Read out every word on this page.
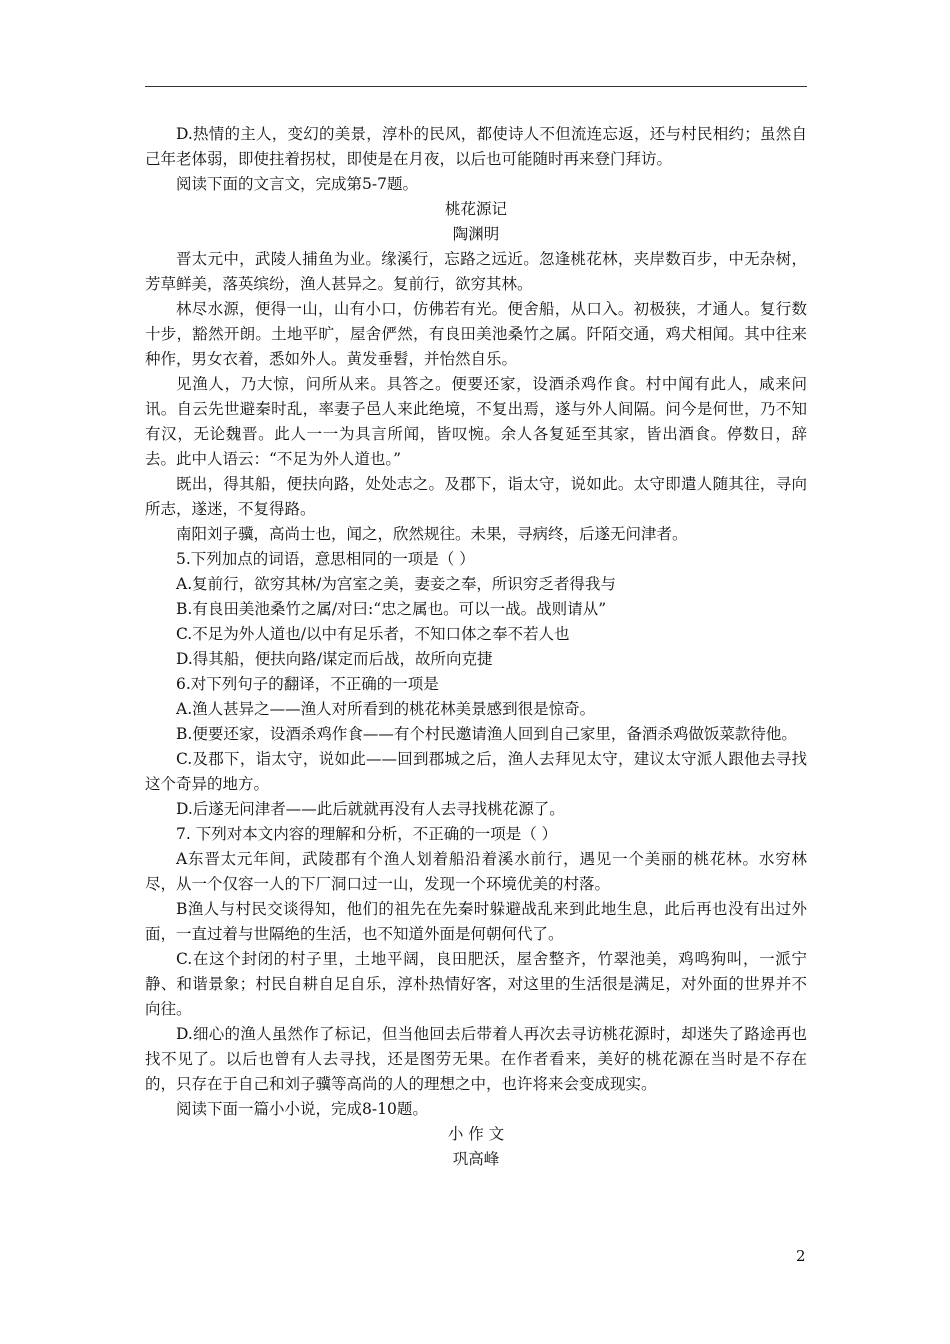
D.热情的主人，变幻的美景，淳朴的民风，都使诗人不但流连忘返，还与村民相约；虽然自己年老体弱，即使拄着拐杖，即使是在月夜，以后也可能随时再来登门拜访。

阅读下面的文言文，完成第5-7题。

桃花源记

陶渊明

晋太元中，武陵人捕鱼为业。缘溪行，忘路之远近。忽逢桃花林，夹岸数百步，中无杂树，芳草鲜美，落英缤纷，渔人甚异之。复前行，欲穷其林。

林尽水源，便得一山，山有小口，仿佛若有光。便舍船，从口入。初极狭，才通人。复行数十步，豁然开朗。土地平旷，屋舍俨然，有良田美池桑竹之属。阡陌交通，鸡犬相闻。其中往来种作，男女衣着，悉如外人。黄发垂髫，并怡然自乐。

见渔人，乃大惊，问所从来。具答之。便要还家，设酒杀鸡作食。村中闻有此人，咸来问讯。自云先世避秦时乱，率妻子邑人来此绝境，不复出焉，遂与外人间隔。问今是何世，乃不知有汉，无论魏晋。此人一一为具言所闻，皆叹惋。余人各复延至其家，皆出酒食。停数日，辞去。此中人语云：“不足为外人道也。”

既出，得其船，便扶向路，处处志之。及郡下，诣太守，说如此。太守即遣人随其往，寻向所志，遂迷，不复得路。

南阳刘子骥，高尚士也，闻之，欣然规往。未果，寻病终，后遂无问津者。

5.下列加点的词语，意思相同的一项是（ ）

A.复前行，欲穷其林/为宫室之美，妻妾之奉，所识穷乏者得我与

B.有良田美池桑竹之属/对曰:“忠之属也。可以一战。战则请从”

C.不足为外人道也/以中有足乐者，不知口体之奉不若人也

D.得其船，便扶向路/谋定而后战，故所向克捷

6.对下列句子的翻译，不正确的一项是

A.渔人甚异之——渔人对所看到的桃花林美景感到很是惊奇。

B.便要还家，设酒杀鸡作食——有个村民邀请渔人回到自己家里，备酒杀鸡做饭菜款待他。

C.及郡下，诣太守，说如此——回到郡城之后，渔人去拜见太守，建议太守派人跟他去寻找这个奇异的地方。

D.后遂无问津者——此后就就再没有人去寻找桃花源了。

7. 下列对本文内容的理解和分析，不正确的一项是（ ）

A东晋太元年间，武陵郡有个渔人划着船沿着溪水前行，遇见一个美丽的桃花林。水穷林尽，从一个仅容一人的下厂洞口过一山，发现一个环境优美的村落。

B渔人与村民交谈得知，他们的祖先在先秦时躲避战乱来到此地生息，此后再也没有出过外面，一直过着与世隔绝的生活，也不知道外面是何朝何代了。

C.在这个封闭的村子里，土地平阔，良田肥沃，屋舍整齐，竹翠池美，鸡鸣狗叫，一派宁静、和谐景象；村民自耕自足自乐，淳朴热情好客，对这里的生活很是满足，对外面的世界并不向往。

D.细心的渔人虽然作了标记，但当他回去后带着人再次去寻访桃花源时，却迷失了路途再也找不见了。以后也曾有人去寻找，还是图劳无果。在作者看来，美好的桃花源在当时是不存在的，只存在于自己和刘子骥等高尚的人的理想之中，也许将来会变成现实。

阅读下面一篇小小说，完成8-10题。

小 作 文

巩高峰

2
